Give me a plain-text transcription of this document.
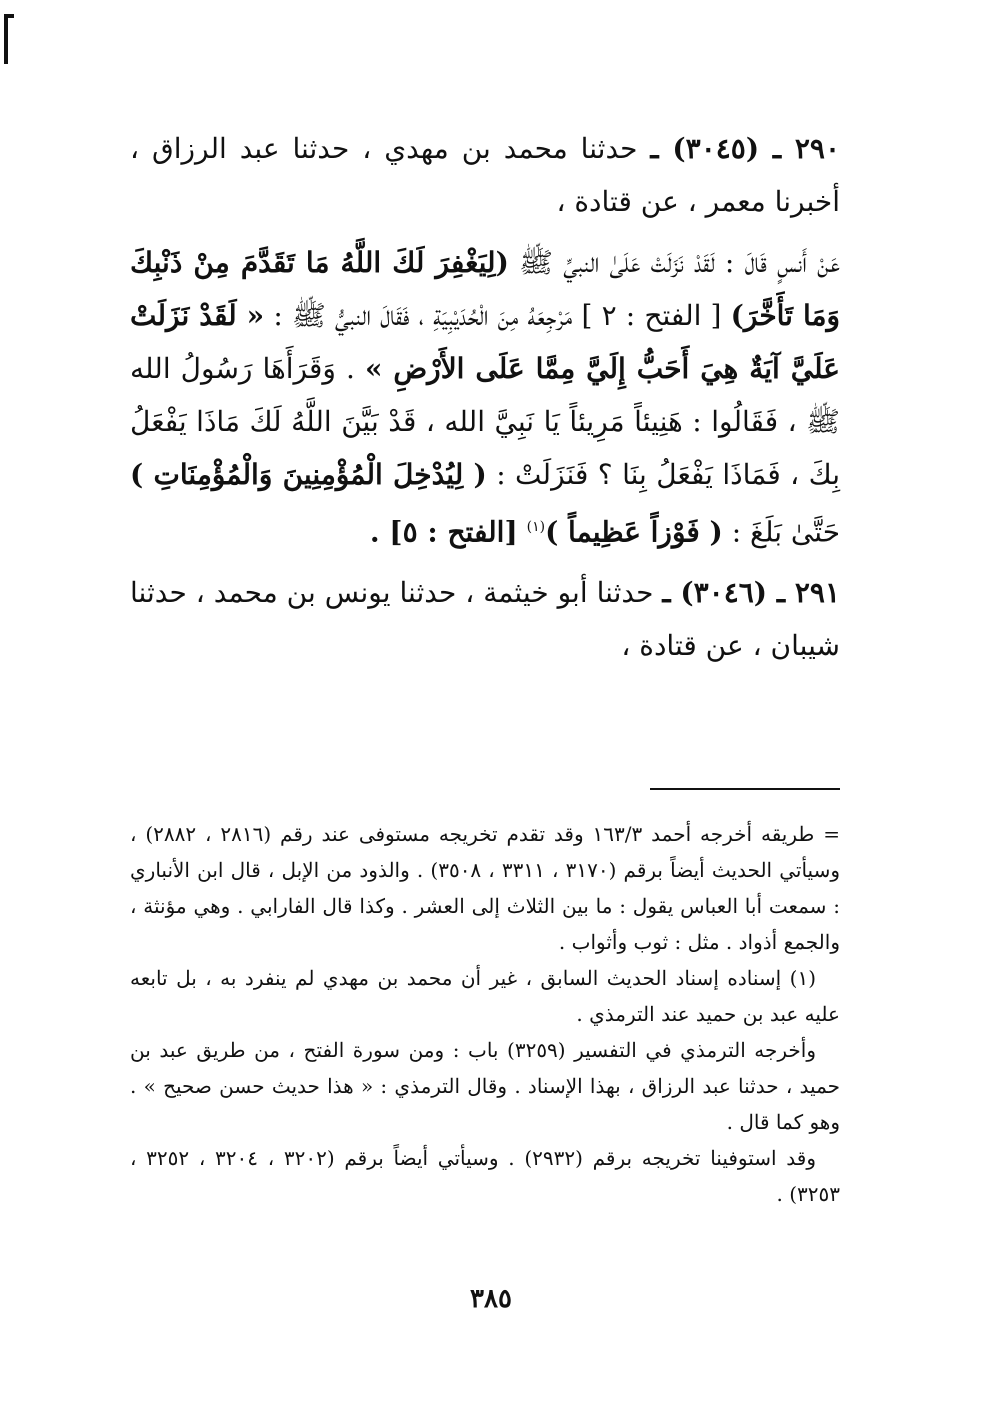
٢٩٠ ـ (٣٠٤٥) ـ حدثنا محمد بن مهدي ، حدثنا عبد الرزاق ، أخبرنا معمر ، عن قتادة ،

عَنْ أَنسٍ قَالَ : لَقَدْ نَزَلَتْ عَلَىٰ النبيِّ ﷺ (لِيَغْفِرَ لَكَ اللَّهُ مَا تَقَدَّمَ مِنْ ذَنْبِكَ وَمَا تَأَخَّرَ) [ الفتح : ٢ ] مَرْجِعَهُ مِنَ الْحُدَيْبِيَةِ ، فَقَالَ النبيُّ ﷺ : « لَقَدْ نَزَلَتْ عَلَيَّ آيَةٌ هِيَ أَحَبُّ إِلَيَّ مِمَّا عَلَى الأَرْضِ » . وَقَرَأَهَا رَسُولُ الله ﷺ ، فَقَالُوا : هَنِيئاً مَرِيئاً يَا نَبِيَّ الله ، قَدْ بَيَّنَ اللَّهُ لَكَ مَاذَا يَفْعَلُ بِكَ ، فَمَاذَا يَفْعَلُ بِنَا ؟ فَنَزَلَتْ : ( لِيُدْخِلَ الْمُؤْمِنِينَ وَالْمُؤْمِنَاتِ ) حَتَّىٰ بَلَغَ : ( فَوْزاً عَظِيماً )$^{(١)}$ [الفتح : ٥] .

٢٩١ ـ (٣٠٤٦) ـ حدثنا أبو خيثمة ، حدثنا يونس بن محمد ، حدثنا شيبان ، عن قتادة ،

= طريقه أخرجه أحمد ١٦٣/٣ وقد تقدم تخريجه مستوفى عند رقم (٢٨١٦ ، ٢٨٨٢) ، وسيأتي الحديث أيضاً برقم (٣١٧٠ ، ٣٣١١ ، ٣٥٠٨) . والذود من الإبل ، قال ابن الأنباري : سمعت أبا العباس يقول : ما بين الثلاث إلى العشر . وكذا قال الفارابي . وهي مؤنثة ، والجمع أذواد . مثل : ثوب وأثواب .

(١) إسناده إسناد الحديث السابق ، غير أن محمد بن مهدي لم ينفرد به ، بل تابعه عليه عبد بن حميد عند الترمذي .

وأخرجه الترمذي في التفسير (٣٢٥٩) باب : ومن سورة الفتح ، من طريق عبد بن حميد ، حدثنا عبد الرزاق ، بهذا الإسناد . وقال الترمذي : « هذا حديث حسن صحيح » . وهو كما قال .

وقد استوفينا تخريجه برقم (٢٩٣٢) . وسيأتي أيضاً برقم (٣٢٠٢ ، ٣٢٠٤ ، ٣٢٥٢ ، ٣٢٥٣) .

٣٨٥
